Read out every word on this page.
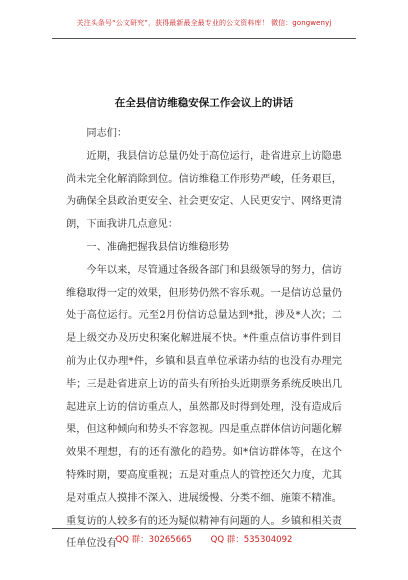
关注头条号“公文研究”，获得最新最全最专业的公文资料库！ 微信：gongwenyj
在全县信访维稳安保工作会议上的讲话

同志们：

近期，我县信访总量仍处于高位运行，赴省进京上访隐患尚未完全化解消除到位。信访维稳工作形势严峻，任务艰巨，为确保全县政治更安全、社会更安定、人民更安宁、网络更清朗，下面我讲几点意见：

一、准确把握我县信访维稳形势

今年以来，尽管通过各级各部门和县级领导的努力，信访维稳取得一定的效果，但形势仍然不容乐观。一是信访总量仍处于高位运行。元至2月份信访总量达到*批，涉及*人次；二是上级交办及历史积案化解进展不快。*件重点信访事件到目前为止仅办理*件，乡镇和县直单位承诺办结的也没有办理完毕；三是赴省进京上访的苗头有所抬头近期票务系统反映出几起进京上访的信访重点人，虽然都及时得到处理，没有造成后果，但这种倾向和势头不容忽视。四是重点群体信访问题化解效果不理想，有的还有激化的趋势。如*信访群体等，在这个特殊时期，要高度重视；五是对重点人的管控还欠力度，尤其是对重点人摸排不深入、进展缓慢、分类不细、施策不精准。重复访的人较多有的还为疑似精神有问题的人。乡镇和相关责任单位没有

QQ 群：30265665 QQ 群：535304092
